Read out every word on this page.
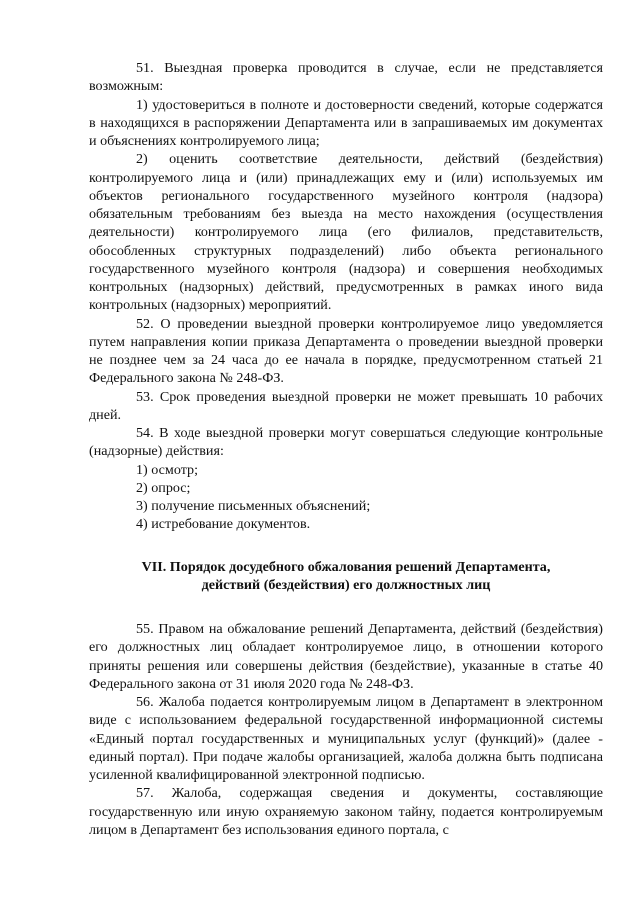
51. Выездная проверка проводится в случае, если не представляется возможным:

1) удостовериться в полноте и достоверности сведений, которые содержатся в находящихся в распоряжении Департамента или в запрашиваемых им документах и объяснениях контролируемого лица;

2) оценить соответствие деятельности, действий (бездействия) контролируемого лица и (или) принадлежащих ему и (или) используемых им объектов регионального государственного музейного контроля (надзора) обязательным требованиям без выезда на место нахождения (осуществления деятельности) контролируемого лица (его филиалов, представительств, обособленных структурных подразделений) либо объекта регионального государственного музейного контроля (надзора) и совершения необходимых контрольных (надзорных) действий, предусмотренных в рамках иного вида контрольных (надзорных) мероприятий.

52. О проведении выездной проверки контролируемое лицо уведомляется путем направления копии приказа Департамента о проведении выездной проверки не позднее чем за 24 часа до ее начала в порядке, предусмотренном статьей 21 Федерального закона № 248-ФЗ.

53. Срок проведения выездной проверки не может превышать 10 рабочих дней.

54. В ходе выездной проверки могут совершаться следующие контрольные (надзорные) действия:

1) осмотр;

2) опрос;

3) получение письменных объяснений;

4) истребование документов.

VII. Порядок досудебного обжалования решений Департамента,
действий (бездействия) его должностных лиц

55. Правом на обжалование решений Департамента, действий (бездействия) его должностных лиц обладает контролируемое лицо, в отношении которого приняты решения или совершены действия (бездействие), указанные в статье 40 Федерального закона от 31 июля 2020 года № 248-ФЗ.

56. Жалоба подается контролируемым лицом в Департамент в электронном виде с использованием федеральной государственной информационной системы «Единый портал государственных и муниципальных услуг (функций)» (далее - единый портал). При подаче жалобы организацией, жалоба должна быть подписана усиленной квалифицированной электронной подписью.

57. Жалоба, содержащая сведения и документы, составляющие государственную или иную охраняемую законом тайну, подается контролируемым лицом в Департамент без использования единого портала, с
